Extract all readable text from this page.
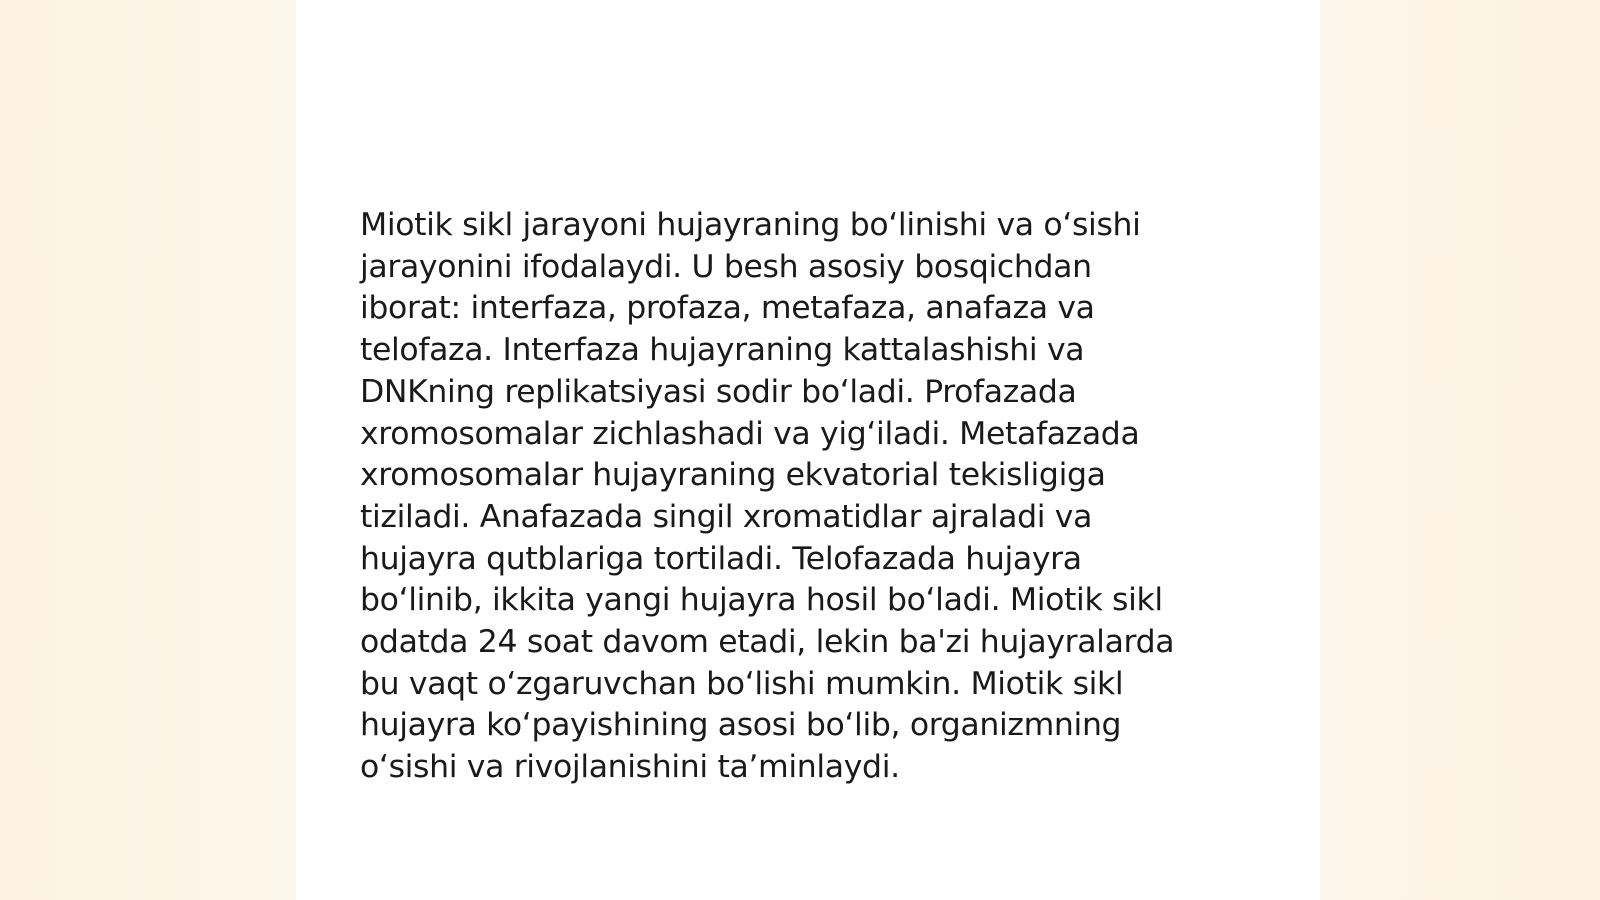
Miotik sikl jarayoni hujayraning boʻlinishi va oʻsishi
jarayonini ifodalaydi. U besh asosiy bosqichdan
iborat: interfaza, profaza, metafaza, anafaza va
telofaza. Interfaza hujayraning kattalashishi va
DNKning replikatsiyasi sodir boʻladi. Profazada
xromosomalar zichlashadi va yigʻiladi. Metafazada
xromosomalar hujayraning ekvatorial tekisligiga
tiziladi. Anafazada singil xromatidlar ajraladi va
hujayra qutblariga tortiladi. Telofazada hujayra
boʻlinib, ikkita yangi hujayra hosil boʻladi. Miotik sikl
odatda 24 soat davom etadi, lekin ba'zi hujayralarda
bu vaqt oʻzgaruvchan boʻlishi mumkin. Miotik sikl
hujayra koʻpayishining asosi boʻlib, organizmning
oʻsishi va rivojlanishini taʼminlaydi.
